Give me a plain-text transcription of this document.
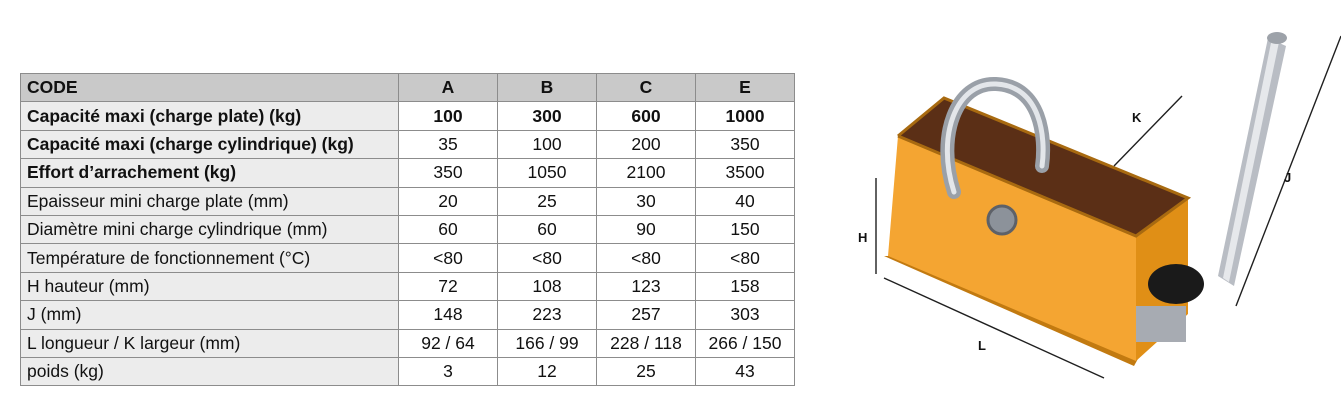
CODE	A	B	C	E
Capacité maxi (charge plate) (kg)	100	300	600	1000
Capacité maxi (charge cylindrique) (kg)	35	100	200	350
Effort d’arrachement (kg)	350	1050	2100	3500
Epaisseur mini charge plate (mm)	20	25	30	40
Diamètre mini charge cylindrique (mm)	60	60	90	150
Température de fonctionnement (°C)	<80	<80	<80	<80
H hauteur (mm)	72	108	123	158
J (mm)	148	223	257	303
L longueur / K largeur (mm)	92 / 64	166 / 99	228 / 118	266 / 150
poids (kg)	3	12	25	43
H
L
K
J
